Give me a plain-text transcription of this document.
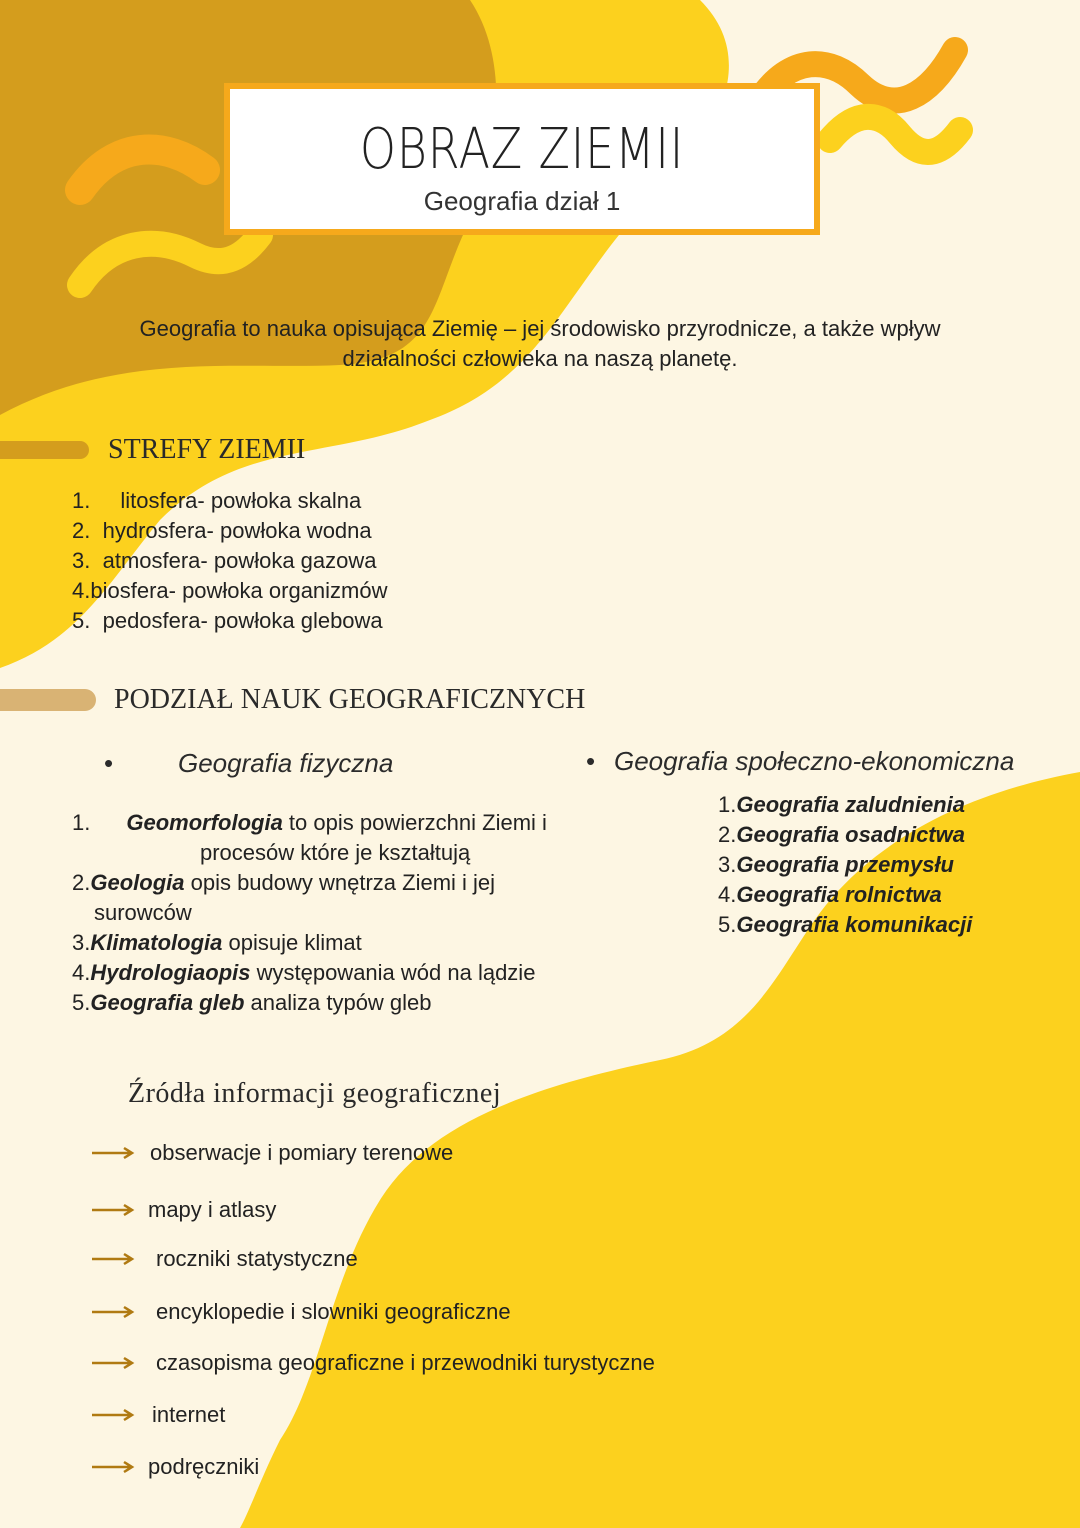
OBRAZ ZIEMII
Geografia dział 1
Geografia to nauka opisująca Ziemię – jej środowisko przyrodnicze, a także wpływ działalności człowieka na naszą planetę.
STREFY ZIEMII
1. litosfera- powłoka skalna
2. hydrosfera- powłoka wodna
3. atmosfera- powłoka gazowa
4.biosfera- powłoka organizmów
5. pedosfera- powłoka glebowa
PODZIAŁ NAUK GEOGRAFICZNYCH
• Geografia fizyczna	• Geografia społeczno-ekonomiczna
1. Geomorfologia to opis powierzchni Ziemi i
procesów które je kształtują
2.Geologia opis budowy wnętrza Ziemi i jej
surowców
3.Klimatologia opisuje klimat
4.Hydrologiaopis występowania wód na lądzie
5.Geografia gleb analiza typów gleb
1.Geografia zaludnienia
2.Geografia osadnictwa
3.Geografia przemysłu
4.Geografia rolnictwa
5.Geografia komunikacji
Źródła informacji geograficznej
obserwacje i pomiary terenowe
mapy i atlasy
roczniki statystyczne
encyklopedie i slowniki geograficzne
czasopisma geograficzne i przewodniki turystyczne
internet
podręczniki
